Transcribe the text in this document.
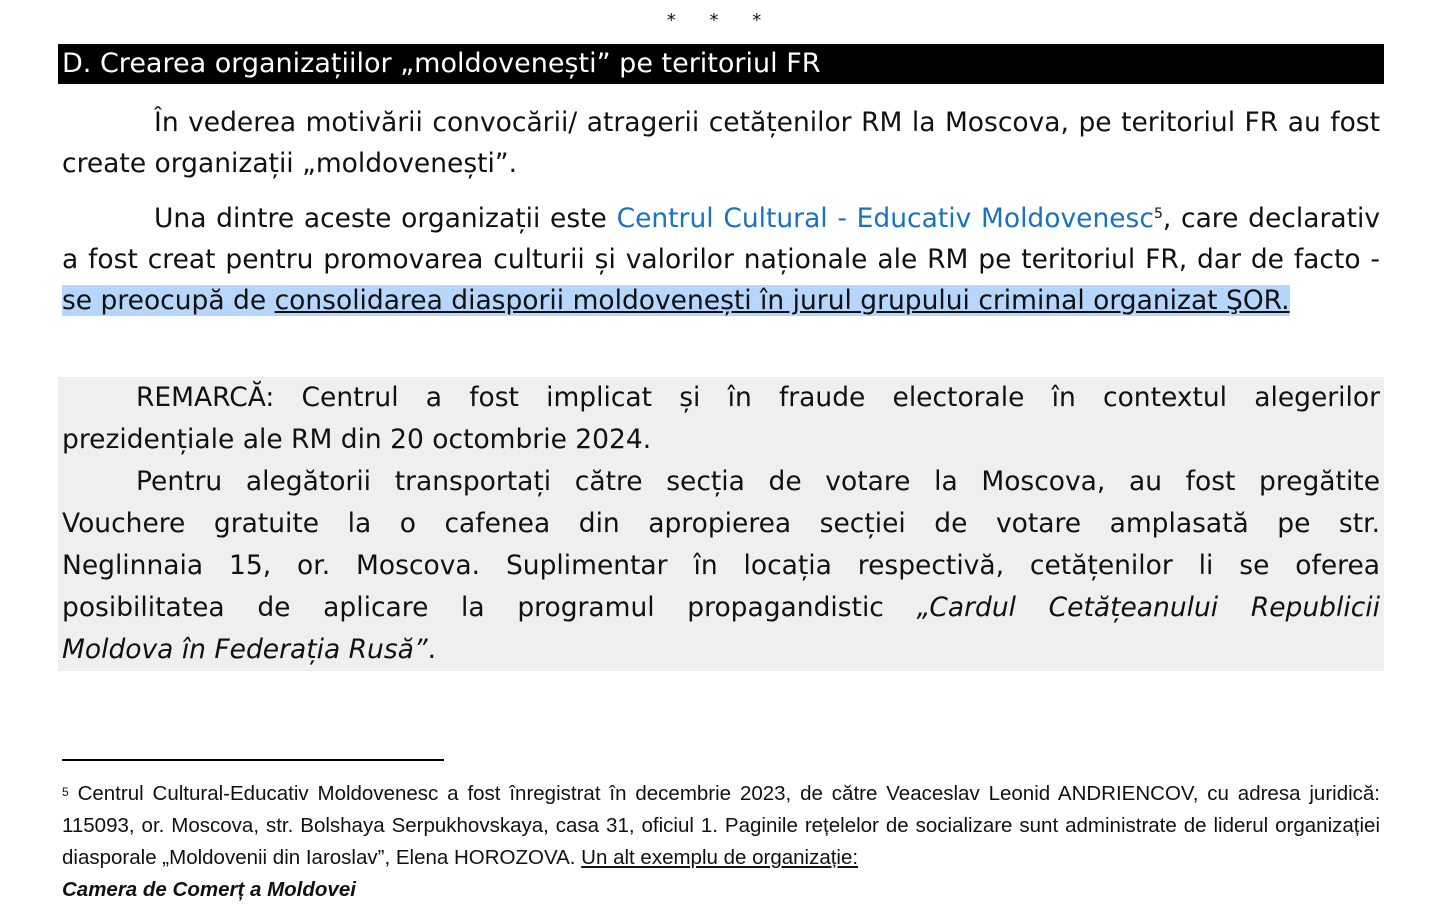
* * *
D. Crearea organizațiilor „moldovenești” pe teritoriul FR
În vederea motivării convocării/ atragerii cetățenilor RM la Moscova, pe teritoriul FR au fost create organizații „moldovenești”.
Una dintre aceste organizații este Centrul Cultural - Educativ Moldovenesc$^5$, care declarativ a fost creat pentru promovarea culturii și valorilor naționale ale RM pe teritoriul FR, dar de facto - se preocupă de consolidarea diasporii moldovenești în jurul grupului criminal organizat ŞOR.
REMARCĂ: Centrul a fost implicat și în fraude electorale în contextul alegerilor
prezidențiale ale RM din 20 octombrie 2024.
Pentru alegătorii transportați către secția de votare la Moscova, au fost pregătite
Vouchere gratuite la o cafenea din apropierea secției de votare amplasată pe str.
Neglinnaia 15, or. Moscova. Suplimentar în locația respectivă, cetățenilor li se oferea
posibilitatea de aplicare la programul propagandistic „Cardul Cetățeanului Republicii
Moldova în Federația Rusă”.
$^5$ Centrul Cultural-Educativ Moldovenesc a fost înregistrat în decembrie 2023, de către Veaceslav Leonid ANDRIENCOV, cu adresa juridică: 115093, or. Moscova, str. Bolshaya Serpukhovskaya, casa 31, oficiul 1. Paginile rețelelor de socializare sunt administrate de liderul organizației diasporale „Moldovenii din Iaroslav”, Elena HOROZOVA. Un alt exemplu de organizație:
Camera de Comerț a Moldovei
